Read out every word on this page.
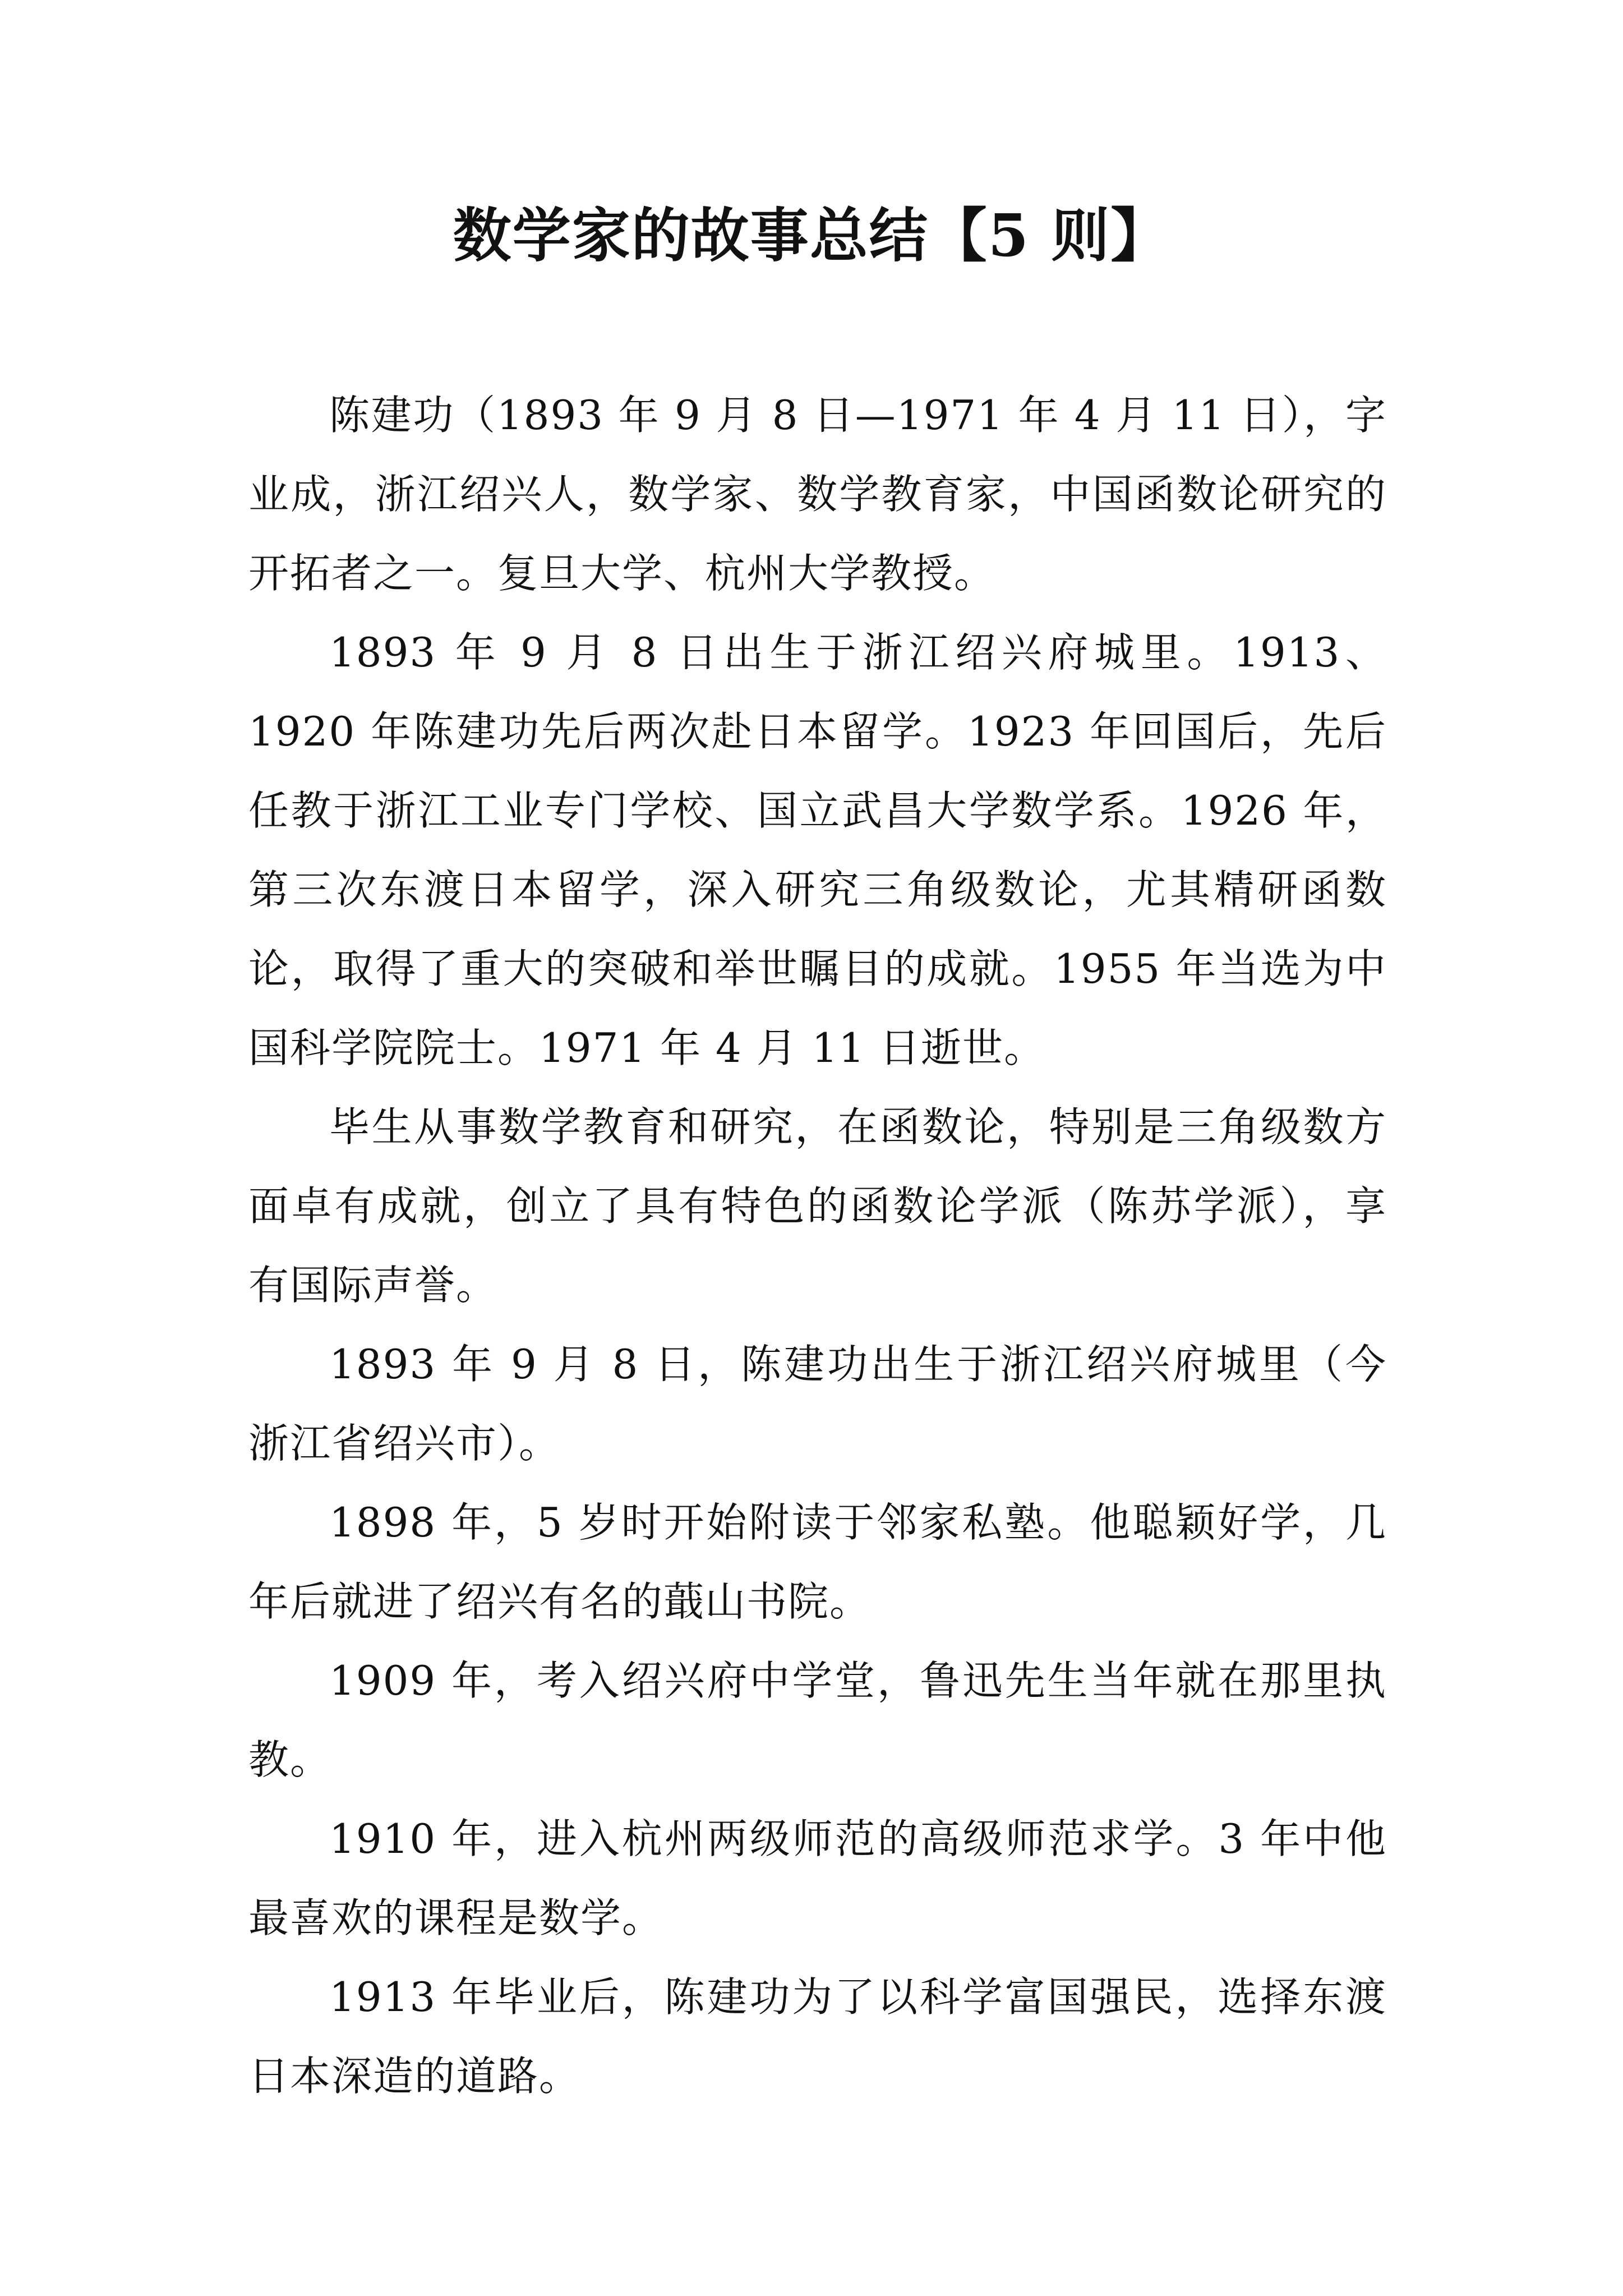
数学家的故事总结【5 则】

陈建功（1893 年 9 月 8 日—1971 年 4 月 11 日），字业成，浙江绍兴人，数学家、数学教育家，中国函数论研究的开拓者之一。复旦大学、杭州大学教授。

1893 年 9 月 8 日出生于浙江绍兴府城里。1913、1920 年陈建功先后两次赴日本留学。1923 年回国后，先后任教于浙江工业专门学校、国立武昌大学数学系。1926 年，第三次东渡日本留学，深入研究三角级数论，尤其精研函数论，取得了重大的突破和举世瞩目的成就。1955 年当选为中国科学院院士。1971 年 4 月 11 日逝世。

毕生从事数学教育和研究，在函数论，特别是三角级数方面卓有成就，创立了具有特色的函数论学派（陈苏学派），享有国际声誉。

1893 年 9 月 8 日，陈建功出生于浙江绍兴府城里（今浙江省绍兴市）。

1898 年，5 岁时开始附读于邻家私塾。他聪颖好学，几年后就进了绍兴有名的蕺山书院。

1909 年，考入绍兴府中学堂，鲁迅先生当年就在那里执教。

1910 年，进入杭州两级师范的高级师范求学。3 年中他最喜欢的课程是数学。

1913 年毕业后，陈建功为了以科学富国强民，选择东渡日本深造的道路。
